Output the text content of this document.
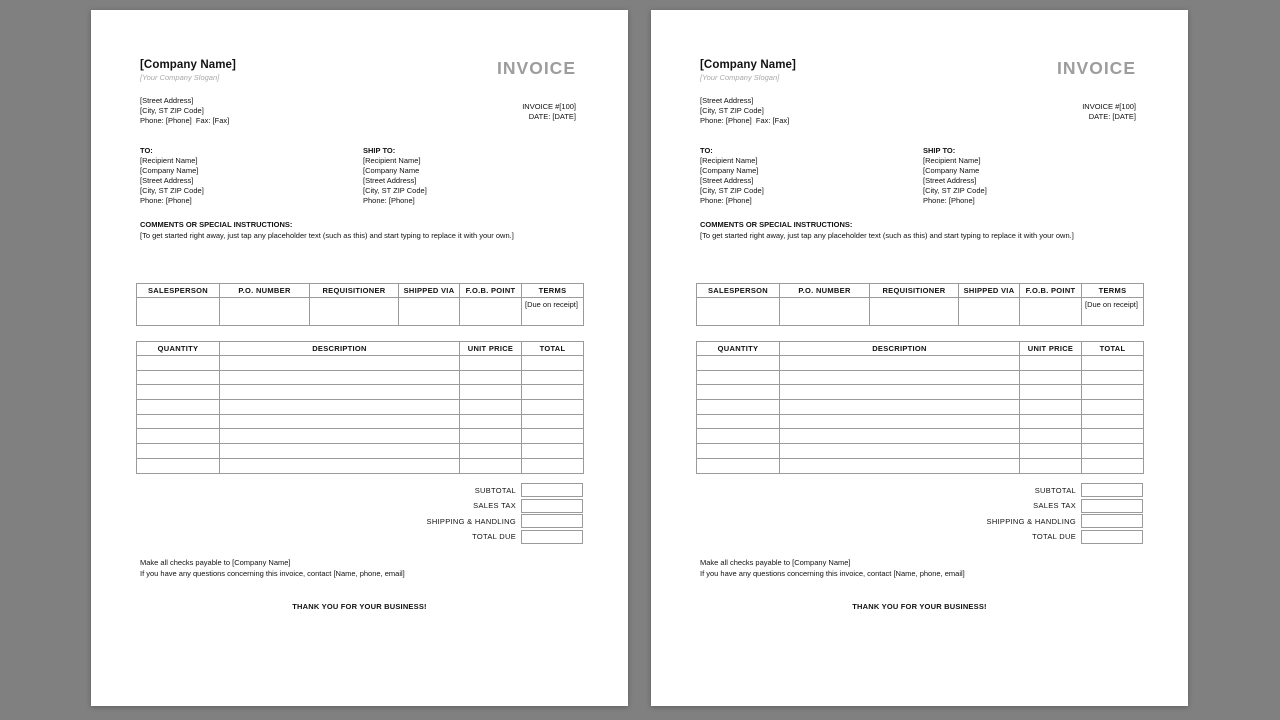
[Company Name]
[Your Company Slogan]	INVOICE
[Street Address]
[City, ST ZIP Code]
Phone: [Phone]  Fax: [Fax]
INVOICE #[100]
DATE: [DATE]
TO:
[Recipient Name]
[Company Name]
[Street Address]
[City, ST ZIP Code]
Phone: [Phone]
SHIP TO:
[Recipient Name]
[Company Name
[Street Address]
[City, ST ZIP Code]
Phone: [Phone]
COMMENTS OR SPECIAL INSTRUCTIONS:
[To get started right away, just tap any placeholder text (such as this) and start typing to replace it with your own.]
SALESPERSON	P.O. NUMBER	REQUISITIONER	SHIPPED VIA	F.O.B. POINT	TERMS
					[Due on receipt]
QUANTITY	DESCRIPTION	UNIT PRICE	TOTAL

SUBTOTAL
SALES TAX
SHIPPING & HANDLING
TOTAL DUE
Make all checks payable to [Company Name]
If you have any questions concerning this invoice, contact [Name, phone, email]
THANK YOU FOR YOUR BUSINESS!
[Company Name]
[Your Company Slogan]	INVOICE
[Street Address]
[City, ST ZIP Code]
Phone: [Phone]  Fax: [Fax]
INVOICE #[100]
DATE: [DATE]
TO:
[Recipient Name]
[Company Name]
[Street Address]
[City, ST ZIP Code]
Phone: [Phone]
SHIP TO:
[Recipient Name]
[Company Name
[Street Address]
[City, ST ZIP Code]
Phone: [Phone]
COMMENTS OR SPECIAL INSTRUCTIONS:
[To get started right away, just tap any placeholder text (such as this) and start typing to replace it with your own.]
SALESPERSON	P.O. NUMBER	REQUISITIONER	SHIPPED VIA	F.O.B. POINT	TERMS
					[Due on receipt]
QUANTITY	DESCRIPTION	UNIT PRICE	TOTAL

SUBTOTAL
SALES TAX
SHIPPING & HANDLING
TOTAL DUE
Make all checks payable to [Company Name]
If you have any questions concerning this invoice, contact [Name, phone, email]
THANK YOU FOR YOUR BUSINESS!
